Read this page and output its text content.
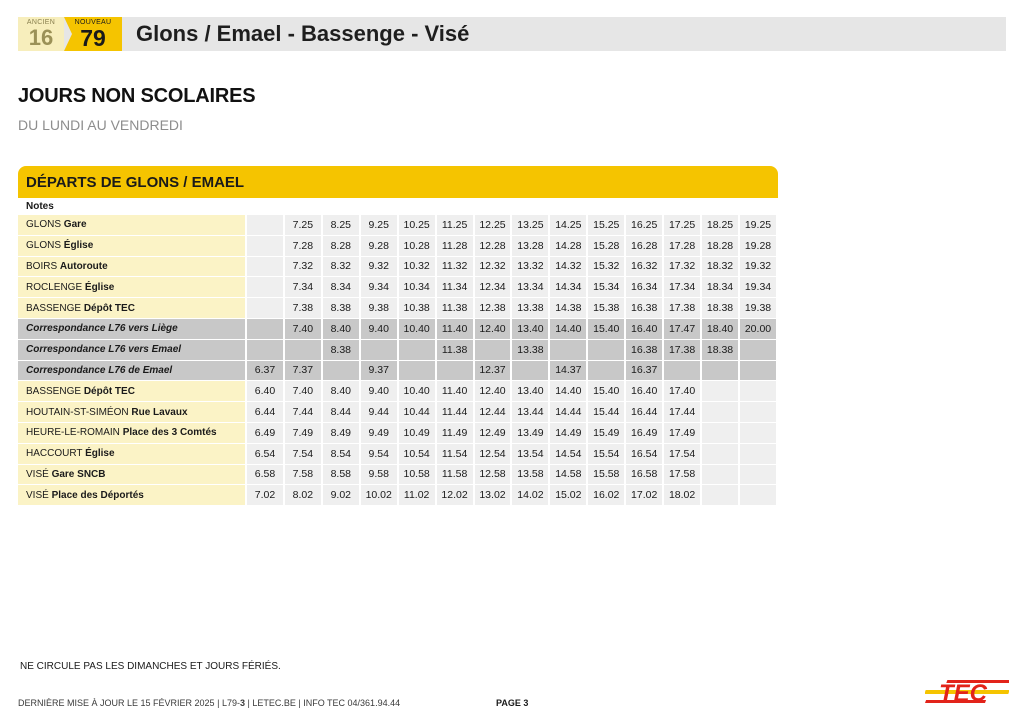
ANCIEN
16
NOUVEAU
79 Glons / Emael - Bassenge - Visé
JOURS NON SCOLAIRES
DU LUNDI AU VENDREDI
DÉPARTS DE GLONS / EMAEL
Notes
GLONS Gare		7.25	8.25	9.25	10.25	11.25	12.25	13.25	14.25	15.25	16.25	17.25	18.25	19.25
GLONS Église		7.28	8.28	9.28	10.28	11.28	12.28	13.28	14.28	15.28	16.28	17.28	18.28	19.28
BOIRS Autoroute		7.32	8.32	9.32	10.32	11.32	12.32	13.32	14.32	15.32	16.32	17.32	18.32	19.32
ROCLENGE Église		7.34	8.34	9.34	10.34	11.34	12.34	13.34	14.34	15.34	16.34	17.34	18.34	19.34
BASSENGE Dépôt TEC		7.38	8.38	9.38	10.38	11.38	12.38	13.38	14.38	15.38	16.38	17.38	18.38	19.38
Correspondance L76 vers Liège		7.40	8.40	9.40	10.40	11.40	12.40	13.40	14.40	15.40	16.40	17.47	18.40	20.00
Correspondance L76 vers Emael			8.38			11.38		13.38			16.38	17.38	18.38	
Correspondance L76 de Emael	6.37	7.37		9.37			12.37		14.37		16.37			
BASSENGE Dépôt TEC	6.40	7.40	8.40	9.40	10.40	11.40	12.40	13.40	14.40	15.40	16.40	17.40		
HOUTAIN-ST-SIMÉON Rue Lavaux	6.44	7.44	8.44	9.44	10.44	11.44	12.44	13.44	14.44	15.44	16.44	17.44		
HEURE-LE-ROMAIN Place des 3 Comtés	6.49	7.49	8.49	9.49	10.49	11.49	12.49	13.49	14.49	15.49	16.49	17.49		
HACCOURT Église	6.54	7.54	8.54	9.54	10.54	11.54	12.54	13.54	14.54	15.54	16.54	17.54		
VISÉ Gare SNCB	6.58	7.58	8.58	9.58	10.58	11.58	12.58	13.58	14.58	15.58	16.58	17.58		
VISÉ Place des Déportés	7.02	8.02	9.02	10.02	11.02	12.02	13.02	14.02	15.02	16.02	17.02	18.02		
NE CIRCULE PAS LES DIMANCHES ET JOURS FÉRIÉS.
DERNIÈRE MISE À JOUR LE 15 FÉVRIER 2025 | L79-3 | LETEC.BE | INFO TEC 04/361.94.44	PAGE 3	TEC
